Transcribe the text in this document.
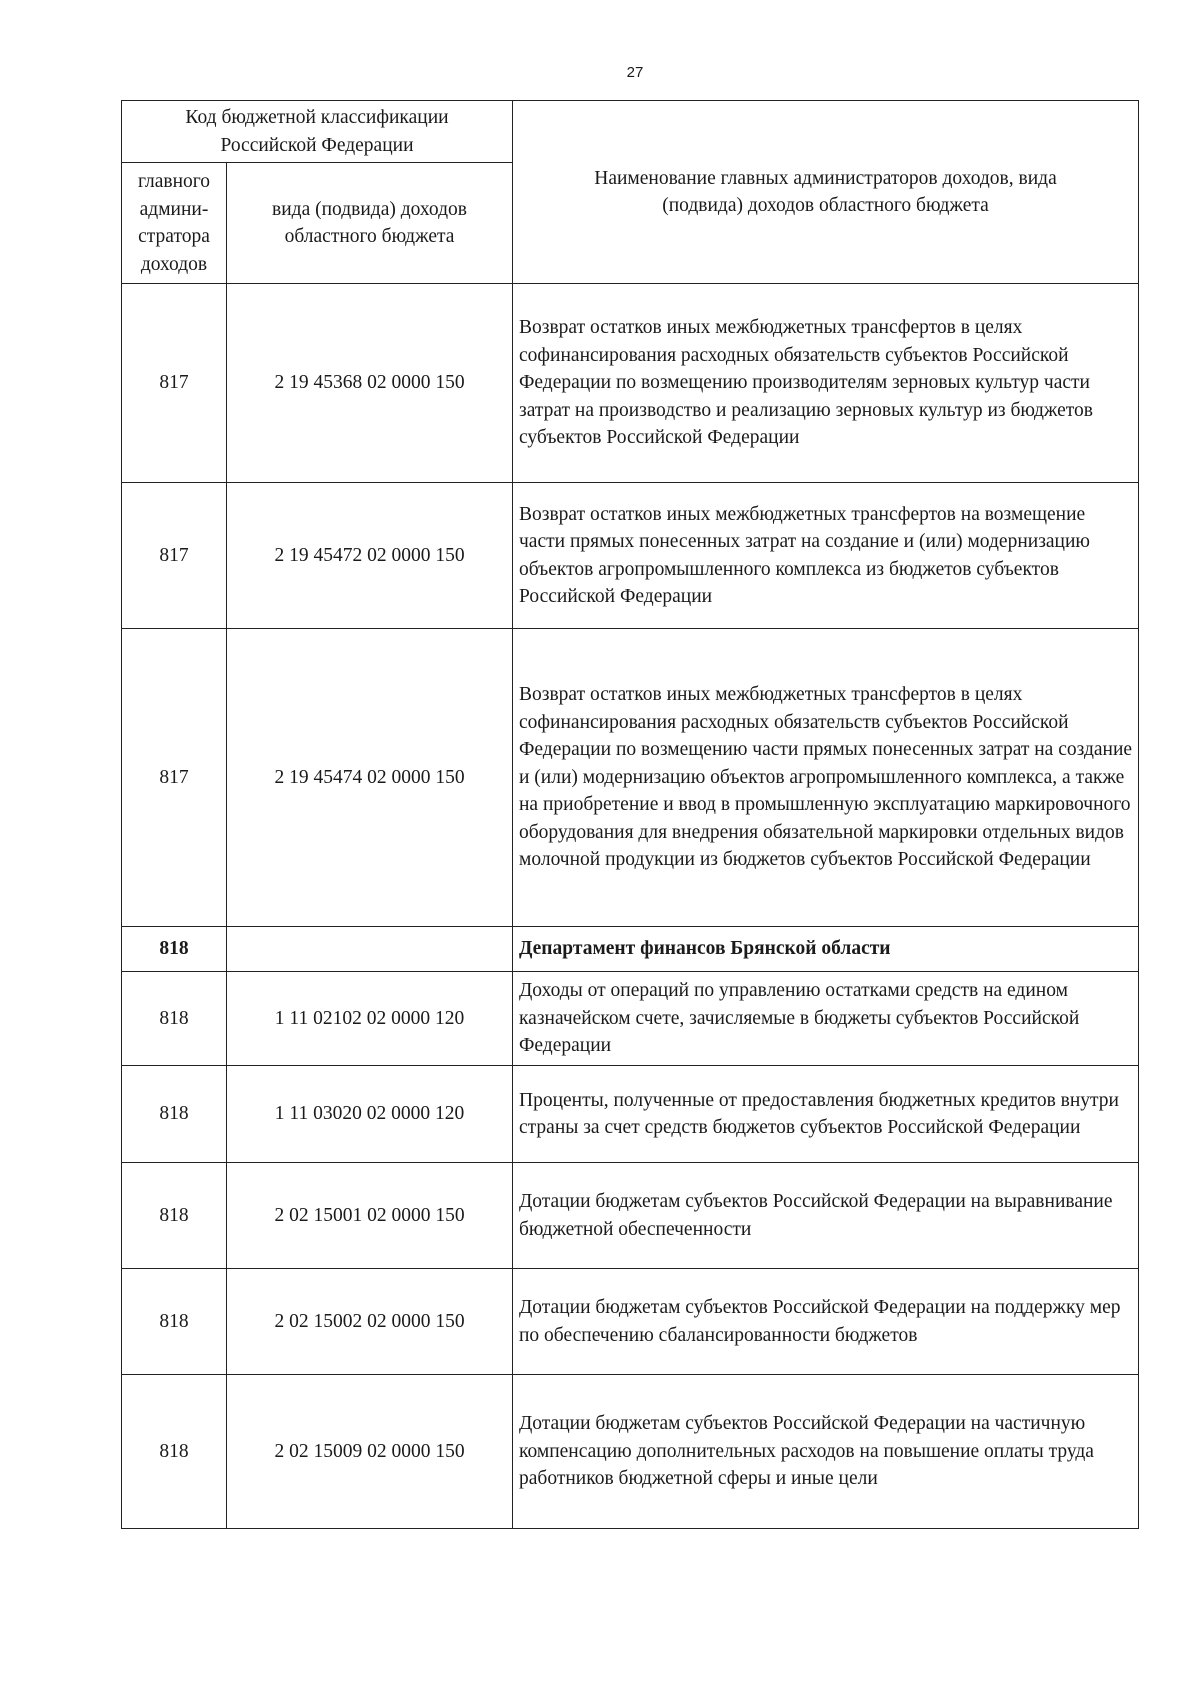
27
Код бюджетной классификации Российской Федерации		Наименование главных администраторов доходов, вида (подвида) доходов областного бюджета
главного админи-стратора доходов	вида (подвида) доходов областного бюджета	
817	2 19 45368 02 0000 150	Возврат остатков иных межбюджетных трансфертов в целях софинансирования расходных обязательств субъектов Российской Федерации по возмещению производителям зерновых культур части затрат на производство и реализацию зерновых культур из бюджетов субъектов Российской Федерации
817	2 19 45472 02 0000 150	Возврат остатков иных межбюджетных трансфертов на возмещение части прямых понесенных затрат на создание и (или) модернизацию объектов агропромышленного комплекса из бюджетов субъектов Российской Федерации
817	2 19 45474 02 0000 150	Возврат остатков иных межбюджетных трансфертов в целях софинансирования расходных обязательств субъектов Российской Федерации по возмещению части прямых понесенных затрат на создание и (или) модернизацию объектов агропромышленного комплекса, а также на приобретение и ввод в промышленную эксплуатацию маркировочного оборудования для внедрения обязательной маркировки отдельных видов молочной продукции из бюджетов субъектов Российской Федерации
818		Департамент финансов Брянской области
818	1 11 02102 02 0000 120	Доходы от операций по управлению остатками средств на едином казначейском счете, зачисляемые в бюджеты субъектов Российской Федерации
818	1 11 03020 02 0000 120	Проценты, полученные от предоставления бюджетных кредитов внутри страны за счет средств бюджетов субъектов Российской Федерации
818	2 02 15001 02 0000 150	Дотации бюджетам субъектов Российской Федерации на выравнивание бюджетной обеспеченности
818	2 02 15002 02 0000 150	Дотации бюджетам субъектов Российской Федерации на поддержку мер по обеспечению сбалансированности бюджетов
818	2 02 15009 02 0000 150	Дотации бюджетам субъектов Российской Федерации на частичную компенсацию дополнительных расходов на повышение оплаты труда работников бюджетной сферы и иные цели
